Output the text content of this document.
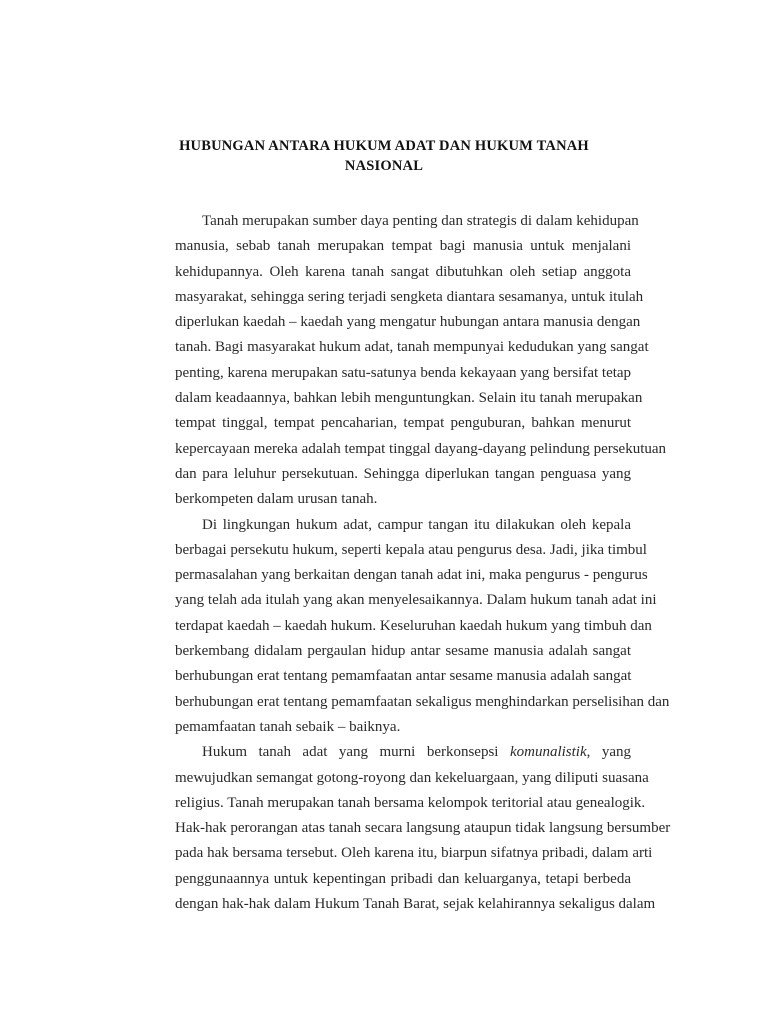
HUBUNGAN ANTARA HUKUM ADAT DAN HUKUM TANAH
NASIONAL
Tanah merupakan sumber daya penting dan strategis di dalam kehidupan
manusia, sebab tanah merupakan tempat bagi manusia untuk menjalani
kehidupannya. Oleh karena tanah sangat dibutuhkan oleh setiap anggota
masyarakat, sehingga sering terjadi sengketa diantara sesamanya, untuk itulah
diperlukan kaedah – kaedah yang mengatur hubungan antara manusia dengan
tanah. Bagi masyarakat hukum adat, tanah mempunyai kedudukan yang sangat
penting, karena merupakan satu-satunya benda kekayaan yang bersifat tetap
dalam keadaannya, bahkan lebih menguntungkan. Selain itu tanah merupakan
tempat tinggal, tempat pencaharian, tempat penguburan, bahkan menurut
kepercayaan mereka adalah tempat tinggal dayang-dayang pelindung persekutuan
dan para leluhur persekutuan. Sehingga diperlukan tangan penguasa yang
berkompeten dalam urusan tanah.
Di lingkungan hukum adat, campur tangan itu dilakukan oleh kepala
berbagai persekutu hukum, seperti kepala atau pengurus desa. Jadi, jika timbul
permasalahan yang berkaitan dengan tanah adat ini, maka pengurus - pengurus
yang telah ada itulah yang akan menyelesaikannya. Dalam hukum tanah adat ini
terdapat kaedah – kaedah hukum. Keseluruhan kaedah hukum yang timbuh dan
berkembang didalam pergaulan hidup antar sesame manusia adalah sangat
berhubungan erat tentang pemamfaatan antar sesame manusia adalah sangat
berhubungan erat tentang pemamfaatan sekaligus menghindarkan perselisihan dan
pemamfaatan tanah sebaik – baiknya.
Hukum tanah adat yang murni berkonsepsi komunalistik, yang
mewujudkan semangat gotong-royong dan kekeluargaan, yang diliputi suasana
religius. Tanah merupakan tanah bersama kelompok teritorial atau genealogik.
Hak-hak perorangan atas tanah secara langsung ataupun tidak langsung bersumber
pada hak bersama tersebut. Oleh karena itu, biarpun sifatnya pribadi, dalam arti
penggunaannya untuk kepentingan pribadi dan keluarganya, tetapi berbeda
dengan hak-hak dalam Hukum Tanah Barat, sejak kelahirannya sekaligus dalam
